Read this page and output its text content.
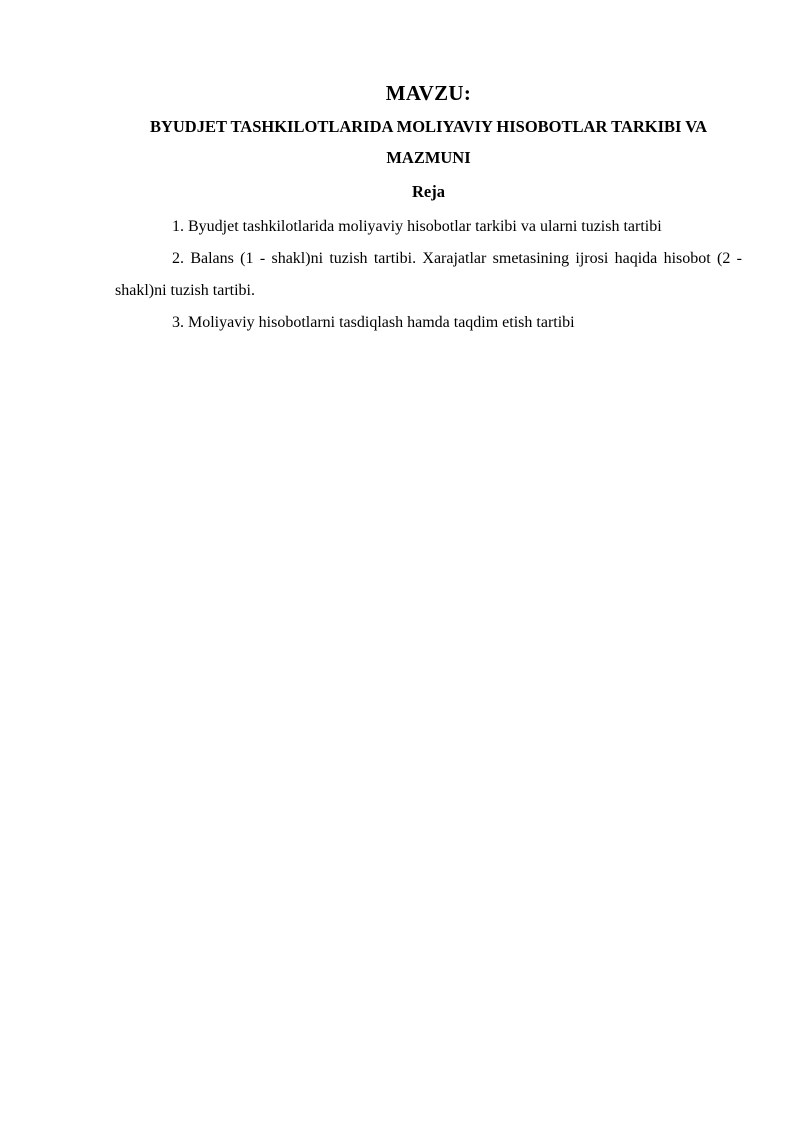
MAVZU:

BYUDJET TASHKILOTLARIDA MOLIYAVIY HISOBOTLAR TARKIBI VA MAZMUNI

Reja

1. Byudjet tashkilotlarida moliyaviy hisobotlar tarkibi va ularni tuzish tartibi

2. Balans (1 - shakl)ni tuzish tartibi. Xarajatlar smetasining ijrosi haqida hisobot (2 - shakl)ni tuzish tartibi.

3. Moliyaviy hisobotlarni tasdiqlash hamda taqdim etish tartibi
